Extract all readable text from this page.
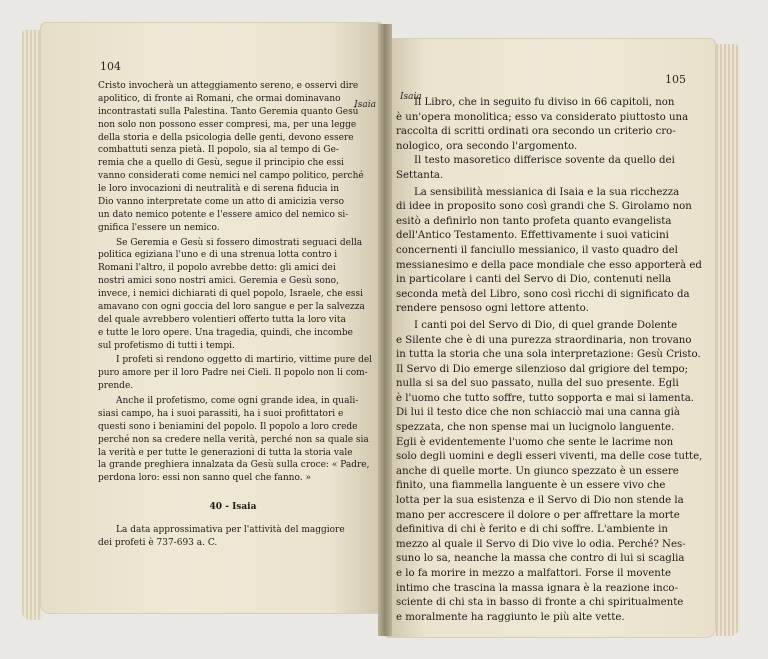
104
Isaia
Cristo invocherà un atteggiamento sereno, e osservi dire
apolitico, di fronte ai Romani, che ormai dominavano
incontrastati sulla Palestina. Tanto Geremia quanto Gesù
non solo non possono esser compresi, ma, per una legge
della storia e della psicologia delle genti, devono essere
combattuti senza pietà. Il popolo, sia al tempo di Ge-
remia che a quello di Gesù, segue il principio che essi
vanno considerati come nemici nel campo politico, perché
le loro invocazioni di neutralità e di serena fiducia in
Dio vanno interpretate come un atto di amicizia verso
un dato nemico potente e l'essere amico del nemico si-
gnifica l'essere un nemico.
Se Geremia e Gesù si fossero dimostrati seguaci della
politica egiziana l'uno e di una strenua lotta contro i
Romani l'altro, il popolo avrebbe detto: gli amici dei
nostri amici sono nostri amici. Geremia e Gesù sono,
invece, i nemici dichiarati di quel popolo, Israele, che essi
amavano con ogni goccia del loro sangue e per la salvezza
del quale avrebbero volentieri offerto tutta la loro vita
e tutte le loro opere. Una tragedia, quindi, che incombe
sul profetismo di tutti i tempi.
I profeti si rendono oggetto di martirio, vittime pure del
puro amore per il loro Padre nei Cieli. Il popolo non li com-
prende.
Anche il profetismo, come ogni grande idea, in quali-
siasi campo, ha i suoi parassiti, ha i suoi profittatori e
questi sono i beniamini del popolo. Il popolo a loro crede
perché non sa credere nella verità, perché non sa quale sia
la verità e per tutte le generazioni di tutta la storia vale
la grande preghiera innalzata da Gesù sulla croce: « Padre,
perdona loro: essi non sanno quel che fanno. »
40 - Isaia
La data approssimativa per l'attività del maggiore
dei profeti è 737-693 a. C.
105
Isaia
Il Libro, che in seguito fu diviso in 66 capitoli, non
è un'opera monolitica; esso va considerato piuttosto una
raccolta di scritti ordinati ora secondo un criterio cro-
nologico, ora secondo l'argomento.
Il testo masoretico differisce sovente da quello dei
Settanta.
La sensibilità messianica di Isaia e la sua ricchezza
di idee in proposito sono così grandi che S. Girolamo non
esitò a definirlo non tanto profeta quanto evangelista
dell'Antico Testamento. Effettivamente i suoi vaticini
concernenti il fanciullo messianico, il vasto quadro del
messianesimo e della pace mondiale che esso apporterà ed
in particolare i canti del Servo di Dio, contenuti nella
seconda metà del Libro, sono così ricchi di significato da
rendere pensoso ogni lettore attento.
I canti poi del Servo di Dio, di quel grande Dolente
e Silente che è di una purezza straordinaria, non trovano
in tutta la storia che una sola interpretazione: Gesù Cristo.
Il Servo di Dio emerge silenzioso dal grigiore del tempo;
nulla si sa del suo passato, nulla del suo presente. Egli
è l'uomo che tutto soffre, tutto sopporta e mai si lamenta.
Di lui il testo dice che non schiacciò mai una canna già
spezzata, che non spense mai un lucignolo languente.
Egli è evidentemente l'uomo che sente le lacrime non
solo degli uomini e degli esseri viventi, ma delle cose tutte,
anche di quelle morte. Un giunco spezzato è un essere
finito, una fiammella languente è un essere vivo che
lotta per la sua esistenza e il Servo di Dio non stende la
mano per accrescere il dolore o per affrettare la morte
definitiva di chi è ferito e di chi soffre. L'ambiente in
mezzo al quale il Servo di Dio vive lo odia. Perché? Nes-
suno lo sa, neanche la massa che contro di lui si scaglia
e lo fa morire in mezzo a malfattori. Forse il movente
intimo che trascina la massa ignara è la reazione inco-
sciente di chi sta in basso di fronte a chi spiritualmente
e moralmente ha raggiunto le più alte vette.
